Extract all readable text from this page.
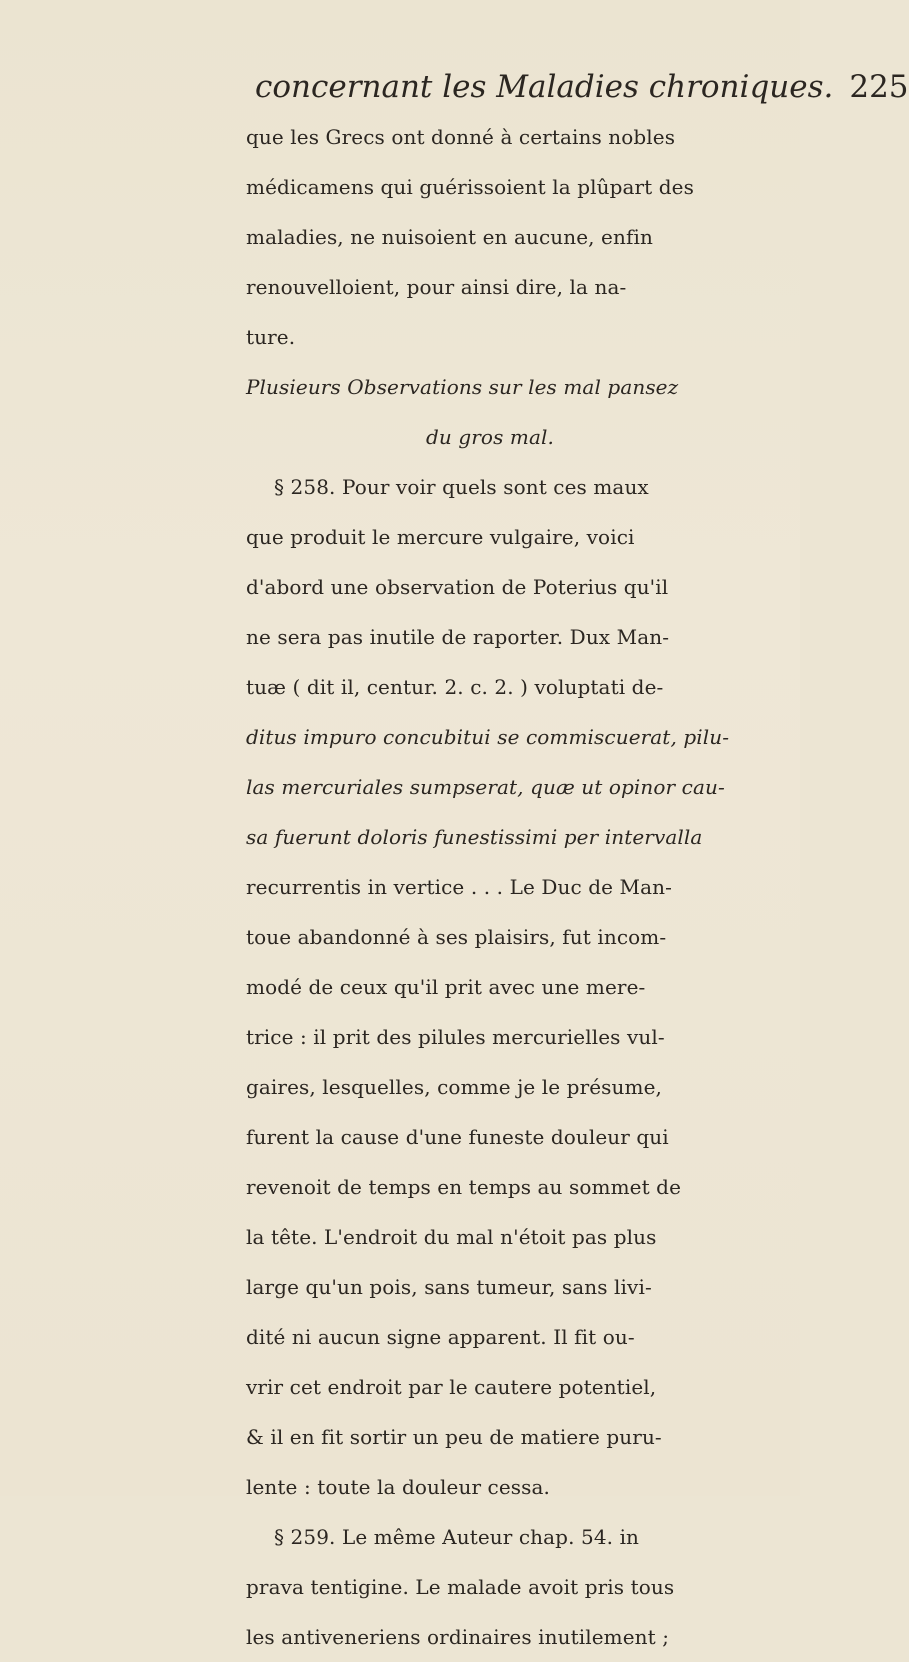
concernant les Maladies chroniques. 225
que les Grecs ont donné à certains nobles
médicamens qui guérissoient la plûpart des
maladies, ne nuisoient en aucune, enfin
renouvelloient, pour ainsi dire, la na-
ture.
Plusieurs Observations sur les mal pansez
du gros mal.
§ 258. Pour voir quels sont ces maux
que produit le mercure vulgaire, voici
d'abord une observation de Poterius qu'il
ne sera pas inutile de raporter. Dux Man-
tuæ ( dit il, centur. 2. c. 2. ) voluptati de-
ditus impuro concubitui se commiscuerat, pilu-
las mercuriales sumpserat, quæ ut opinor cau-
sa fuerunt doloris funestissimi per intervalla
recurrentis in vertice . . . Le Duc de Man-
toue abandonné à ses plaisirs, fut incom-
modé de ceux qu'il prit avec une mere-
trice : il prit des pilules mercurielles vul-
gaires, lesquelles, comme je le présume,
furent la cause d'une funeste douleur qui
revenoit de temps en temps au sommet de
la tête. L'endroit du mal n'étoit pas plus
large qu'un pois, sans tumeur, sans livi-
dité ni aucun signe apparent. Il fit ou-
vrir cet endroit par le cautere potentiel,
& il en fit sortir un peu de matiere puru-
lente : toute la douleur cessa.
§ 259. Le même Auteur chap. 54. in
prava tentigine. Le malade avoit pris tous
les antiveneriens ordinaires inutilement ;
